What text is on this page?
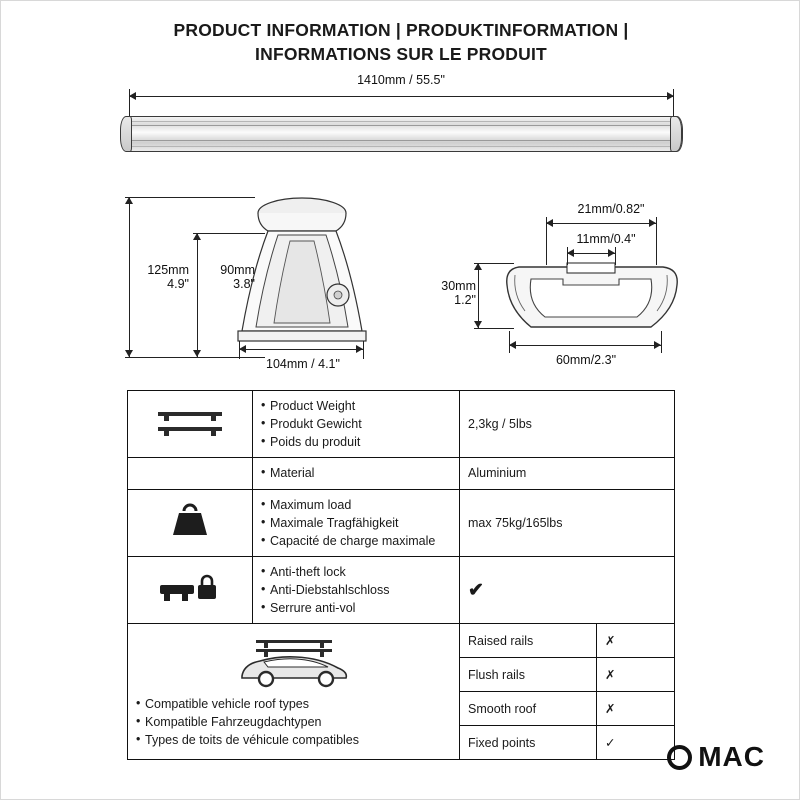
PRODUCT INFORMATION | PRODUKTINFORMATION |
INFORMATIONS SUR LE PRODUIT
1410mm / 55.5"
125mm
4.9"
90mm
3.8"
104mm / 4.1"
21mm/0.82"
11mm/0.4"
30mm
1.2"
60mm/2.3"

• Product Weight
• Produkt Gewicht
• Poids du produit
	2,3kg / 5lbs

• Material	Aluminium

• Maximum load
• Maximale Tragfähigkeit
• Capacité de charge maximale
	max 75kg/165lbs

• Anti-theft lock
• Anti-Diebstahlschloss
• Serrure anti-vol
	✔

• Compatible vehicle roof types
• Kompatible Fahrzeugdachtypen
• Types de toits de véhicule compatibles

Raised rails	✗
Flush rails	✗
Smooth roof	✗
Fixed points	✓	MAC
